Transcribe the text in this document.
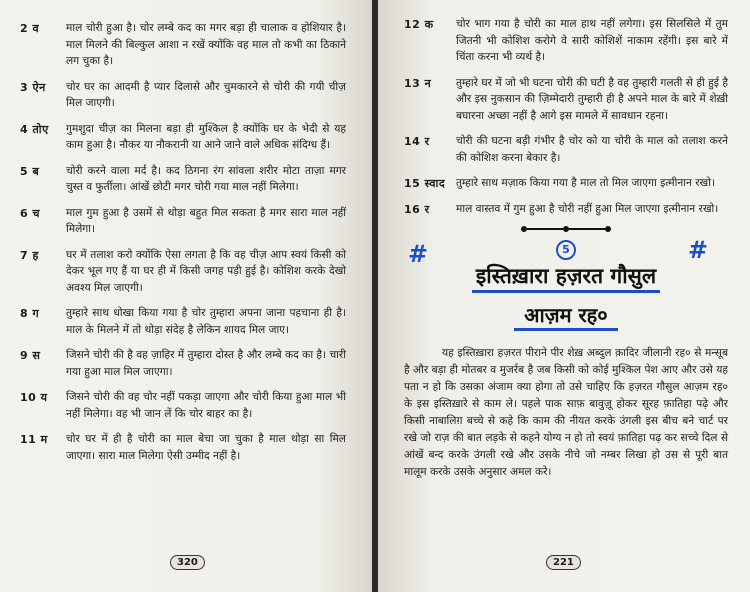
2 व	माल चोरी हुआ है। चोर लम्बे कद का मगर बड़ा ही चालाक व होशियार है। माल मिलने की बिल्कुल आशा न रखें क्योंकि वह माल तो कभी का ठिकाने लग चुका है।
3 ऐन	चोर घर का आदमी है प्यार दिलासे और चुमकारने से चोरी की गयी चीज़ मिल जाएगी।
4 तोए	गुमशुदा चीज़ का मिलना बड़ा ही मुश्किल है क्योंकि घर के भेदी से यह काम हुआ है। नौकर या नौकरानी या आने जाने वाले अधिक संदिग्ध हैं।
5 ब	चोरी करने वाला मर्द है। कद ठिगना रंग सांवला शरीर मोटा ताज़ा मगर चुस्त व फुर्तीला। आंखें छोटी मगर चोरी गया माल नहीं मिलेगा।
6 च	माल गुम हुआ है उसमें से थोड़ा बहुत मिल सकता है मगर सारा माल नहीं मिलेगा।
7 ह	घर में तलाश करो क्योंकि ऐसा लगता है कि वह चीज़ आप स्वयं किसी को देकर भूल गए हैं या घर ही में किसी जगह पड़ी हुई है। कोशिश करके देखो अवश्य मिल जाएगी।
8 ग	तुम्हारे साथ धोखा किया गया है चोर तुम्हारा अपना जाना पहचाना ही है। माल के मिलने में तो थोड़ा संदेह है लेकिन शायद मिल जाए।
9 स	जिसने चोरी की है वह ज़ाहिर में तुम्हारा दोस्त है और लम्बे कद का है। चारी गया हुआ माल मिल जाएगा।
10 य	जिसने चोरी की वह चोर नहीं पकड़ा जाएगा और चोरी किया हुआ माल भी नहीं मिलेगा। वह भी जान लें कि चोर बाहर का है।
11 म	चोर घर में ही है चोरी का माल बेचा जा चुका है माल थोड़ा सा मिल जाएगा। सारा माल मिलेगा ऐसी उम्मीद नहीं है।
320
12 क	चोर भाग गया है चोरी का माल हाथ नहीं लगेगा। इस सिलसिले में तुम जितनी भी कोशिश करोगे वे सारी कोशिशें नाकाम रहेंगी। इस बारे में चिंता करना भी व्यर्थ है।
13 न	तुम्हारे घर में जो भी घटना चोरी की घटी है वह तुम्हारी गलती से ही हुई है और इस नुकसान की ज़िम्मेदारी तुम्हारी ही है अपने माल के बारे में शेख़ी बघारना अच्छा नहीं है आगे इस मामले में सावधान रहना।
14 र	चोरी की घटना बड़ी गंभीर है चोर को या चोरी के माल को तलाश करने की कोशिश करना बेकार है।
15 स्वाद	तुम्हारे साथ मज़ाक किया गया है माल तो मिल जाएगा इत्मीनान रखो।
16 र	माल वास्तव में गुम हुआ है चोरी नहीं हुआ मिल जाएगा इत्मीनान रखो।
#	#
5
इस्तिख़ारा हज़रत गौसुल
आज़म रह०
यह इस्तिख़ारा हज़रत पीराने पीर शेख़ अब्दुल क़ादिर जीलानी रह० से मन्सूब है और बड़ा ही मोतबर व मुजर्रब है जब किसी को कोई मुश्किल पेश आए और उसे यह पता न हो कि उसका अंजाम क्या होगा तो उसे चाहिए कि हज़रत गौसुल आज़म रह० के इस इस्तिख़ारे से काम ले। पहले पाक साफ़ बावुज़ू होकर सूरह फ़ातिहा पढ़े और किसी नाबालिग़ बच्चे से कहे कि काम की नीयत करके उंगली इस बीच बने चार्ट पर रखे जो राज़ की बात लड़के से कहने योग्य न हो तो स्वयं फ़ातिहा पढ़ कर सच्चे दिल से आंखें बन्द करके उंगली रखे और उसके नीचे जो नम्बर लिखा हो उस से पूरी बात मालूम करके उसके अनुसार अमल करे।
221
